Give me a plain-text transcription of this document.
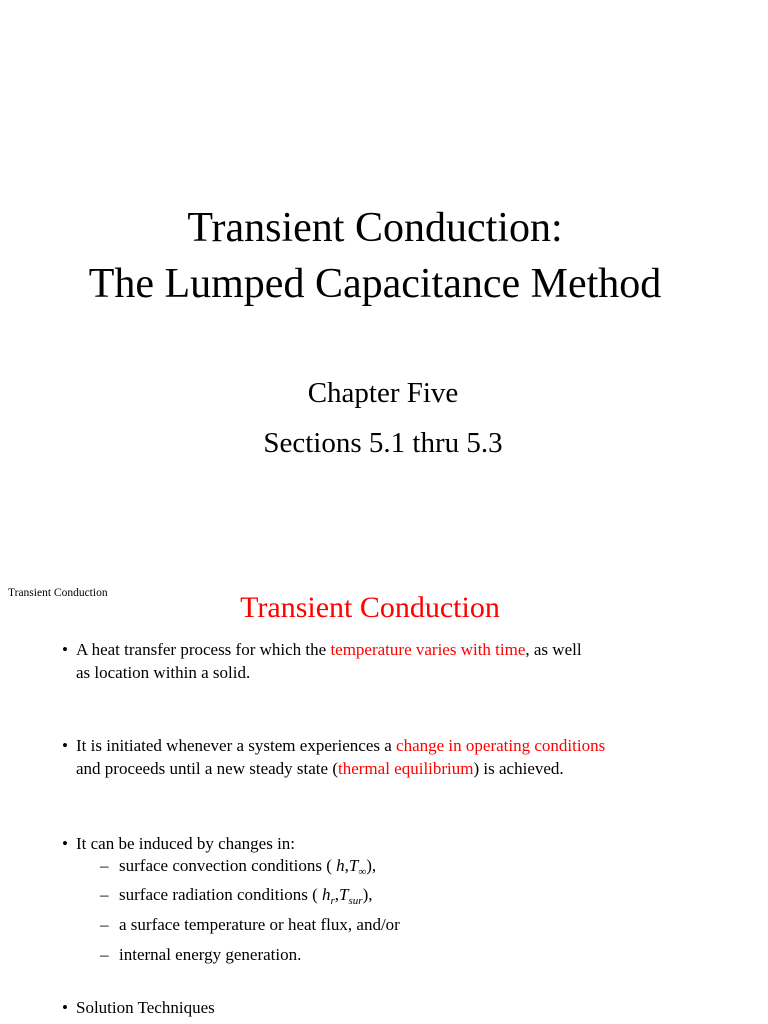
Transient Conduction:
The Lumped Capacitance Method
Chapter Five
Sections 5.1 thru 5.3
Transient Conduction	Transient Conduction
• A heat transfer process for which the temperature varies with time, as well
as location within a solid.
• It is initiated whenever a system experiences a change in operating conditions
and proceeds until a new steady state (thermal equilibrium) is achieved.
• It can be induced by changes in:
– surface convection conditions ( $h,T_\infty$),
– surface radiation conditions ( $h_r,T_{sur}$),
– a surface temperature or heat flux, and/or
– internal energy generation.
• Solution Techniques
